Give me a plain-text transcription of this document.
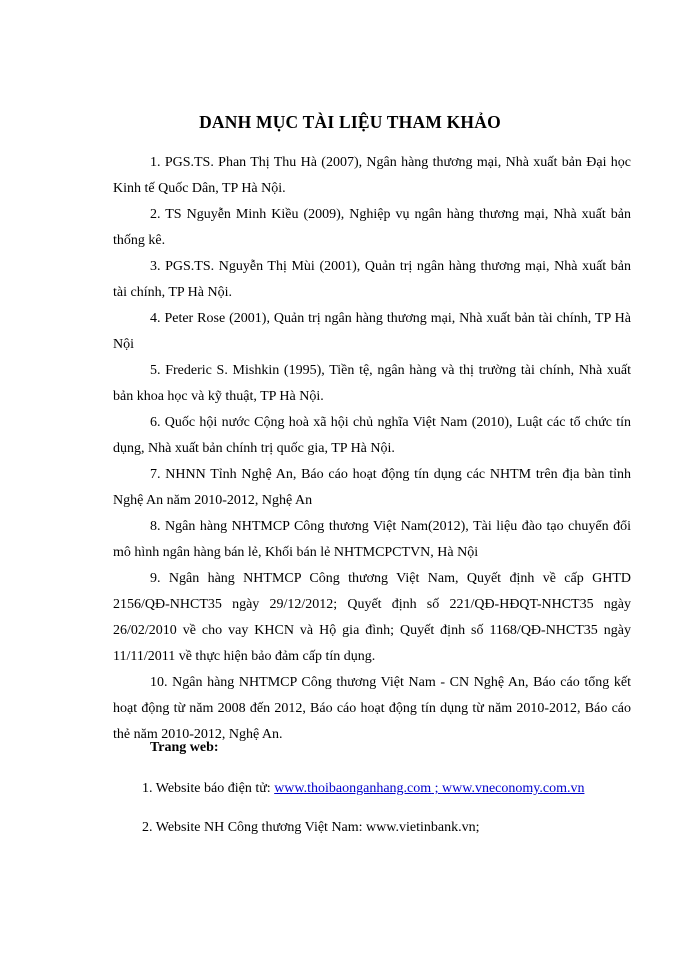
DANH MỤC TÀI LIỆU THAM KHẢO

1. PGS.TS. Phan Thị Thu Hà (2007), Ngân hàng thương mại, Nhà xuất bản Đại học Kinh tế Quốc Dân, TP Hà Nội.

2. TS Nguyễn Minh Kiều (2009), Nghiệp vụ ngân hàng thương mại, Nhà xuất bản thống kê.

3. PGS.TS. Nguyễn Thị Mùi (2001), Quản trị ngân hàng thương mại, Nhà xuất bản tài chính, TP Hà Nội.

4. Peter Rose (2001), Quản trị ngân hàng thương mại, Nhà xuất bản tài chính, TP Hà Nội

5. Frederic S. Mishkin (1995), Tiền tệ, ngân hàng và thị trường tài chính, Nhà xuất bản khoa học và kỹ thuật, TP Hà Nội.

6. Quốc hội nước Cộng hoà xã hội chủ nghĩa Việt Nam (2010), Luật các tổ chức tín dụng, Nhà xuất bản chính trị quốc gia, TP Hà Nội.

7. NHNN Tỉnh Nghệ An, Báo cáo hoạt động tín dụng các NHTM trên địa bàn tỉnh Nghệ An năm 2010-2012, Nghệ An

8. Ngân hàng NHTMCP Công thương Việt Nam(2012), Tài liệu đào tạo chuyển đổi mô hình ngân hàng bán lẻ, Khối bán lẻ NHTMCPCTVN, Hà Nội

9. Ngân hàng NHTMCP Công thương Việt Nam, Quyết định về cấp GHTD 2156/QĐ-NHCT35 ngày 29/12/2012; Quyết định số 221/QĐ-HĐQT-NHCT35 ngày 26/02/2010 về cho vay KHCN và Hộ gia đình; Quyết định số 1168/QĐ-NHCT35 ngày 11/11/2011 về thực hiện bảo đảm cấp tín dụng.

10. Ngân hàng NHTMCP Công thương Việt Nam - CN Nghệ An, Báo cáo tổng kết hoạt động từ năm 2008 đến 2012, Báo cáo hoạt động tín dụng từ năm 2010-2012, Báo cáo thẻ năm 2010-2012, Nghệ An.

Trang web:
1. Website báo điện tử: www.thoibaonganhang.com ; www.vneconomy.com.vn
2. Website NH Công thương Việt Nam: www.vietinbank.vn;
